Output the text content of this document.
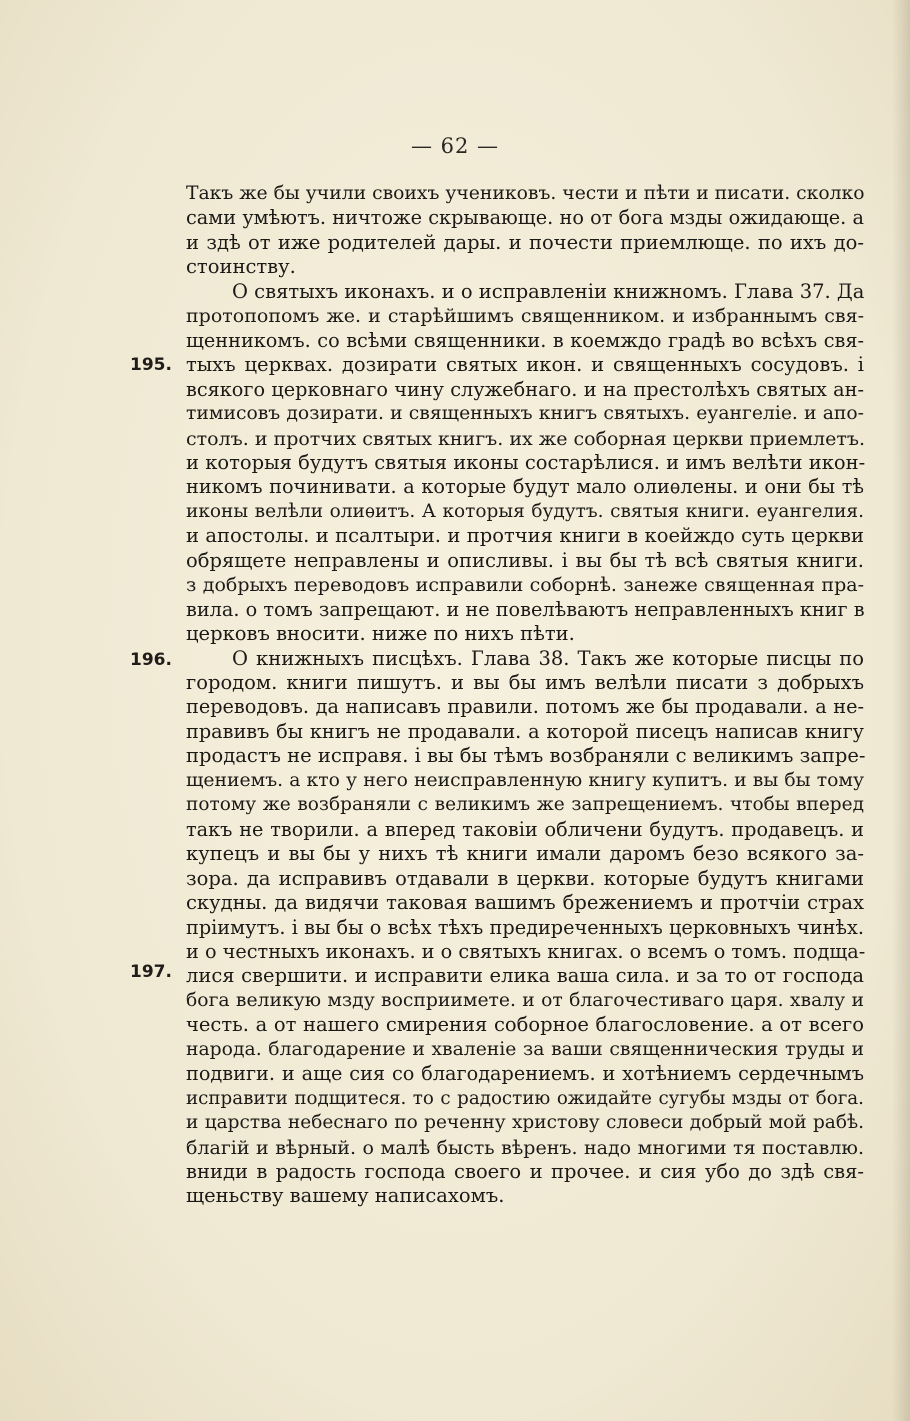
— 62 —
195.
196.
197.
Такъ же бы учили своихъ учениковъ. чести и пѣти и писати. сколко
сами умѣютъ. ничтоже скрывающе. но от бога мзды ожидающе. а
и здѣ от иже родителей дары. и почести приемлюще. по ихъ до-
стоинству.
О святыхъ иконахъ. и о исправленіи книжномъ. Глава 37. Да
протопопомъ же. и старѣйшимъ священником. и избраннымъ свя-
щенникомъ. со всѣми священники. в коемждо градѣ во всѣхъ свя-
тыхъ церквах. дозирати святых икон. и священныхъ сосудовъ. і
всякого церковнаго чину служебнаго. и на престолѣхъ святых ан-
тимисовъ дозирати. и священныхъ книгъ святыхъ. еуангеліе. и апо-
столъ. и протчих святых книгъ. их же соборная церкви приемлетъ.
и которыя будутъ святыя иконы состарѣлися. и имъ велѣти икон-
никомъ починивати. а которые будут мало олиѳлены. и они бы тѣ
иконы велѣли олиѳитъ. А которыя будутъ. святыя книги. еуангелия.
и апостолы. и псалтыри. и протчия книги в коейждо суть церкви
обрящете неправлены и описливы. і вы бы тѣ всѣ святыя книги.
з добрыхъ переводовъ исправили соборнѣ. занеже священная пра-
вила. о томъ запрещают. и не повелѣваютъ неправленныхъ книг в
церковъ вносити. ниже по нихъ пѣти.
О книжныхъ писцѣхъ. Глава 38. Такъ же которые писцы по
городом. книги пишутъ. и вы бы имъ велѣли писати з добрыхъ
переводовъ. да написавъ правили. потомъ же бы продавали. а не-
правивъ бы книгъ не продавали. а которой писецъ написав книгу
продастъ не исправя. і вы бы тѣмъ возбраняли с великимъ запре-
щениемъ. а кто у него неисправленную книгу купитъ. и вы бы тому
потому же возбраняли с великимъ же запрещениемъ. чтобы вперед
такъ не творили. а вперед таковіи обличени будутъ. продавецъ. и
купецъ и вы бы у нихъ тѣ книги имали даромъ безо всякого за-
зора. да исправивъ отдавали в церкви. которые будутъ книгами
скудны. да видячи таковая вашимъ брежениемъ и протчіи страх
пріимутъ. і вы бы о всѣх тѣхъ предиреченныхъ церковныхъ чинѣх.
и о честныхъ иконахъ. и о святыхъ книгах. о всемъ о томъ. подща-
лися свершити. и исправити елика ваша сила. и за то от господа
бога великую мзду восприимете. и от благочестиваго царя. хвалу и
честь. а от нашего смирения соборное благословение. а от всего
народа. благодарение и хваленіе за ваши священническия труды и
подвиги. и аще сия со благодарениемъ. и хотѣниемъ сердечнымъ
исправити подщитеся. то с радостию ожидайте сугубы мзды от бога.
и царства небеснаго по реченну христову словеси добрый мой рабѣ.
благій и вѣрный. о малѣ бысть вѣренъ. надо многими тя поставлю.
вниди в радость господа своего и прочее. и сия убо до здѣ свя-
щеньству вашему написахомъ.
